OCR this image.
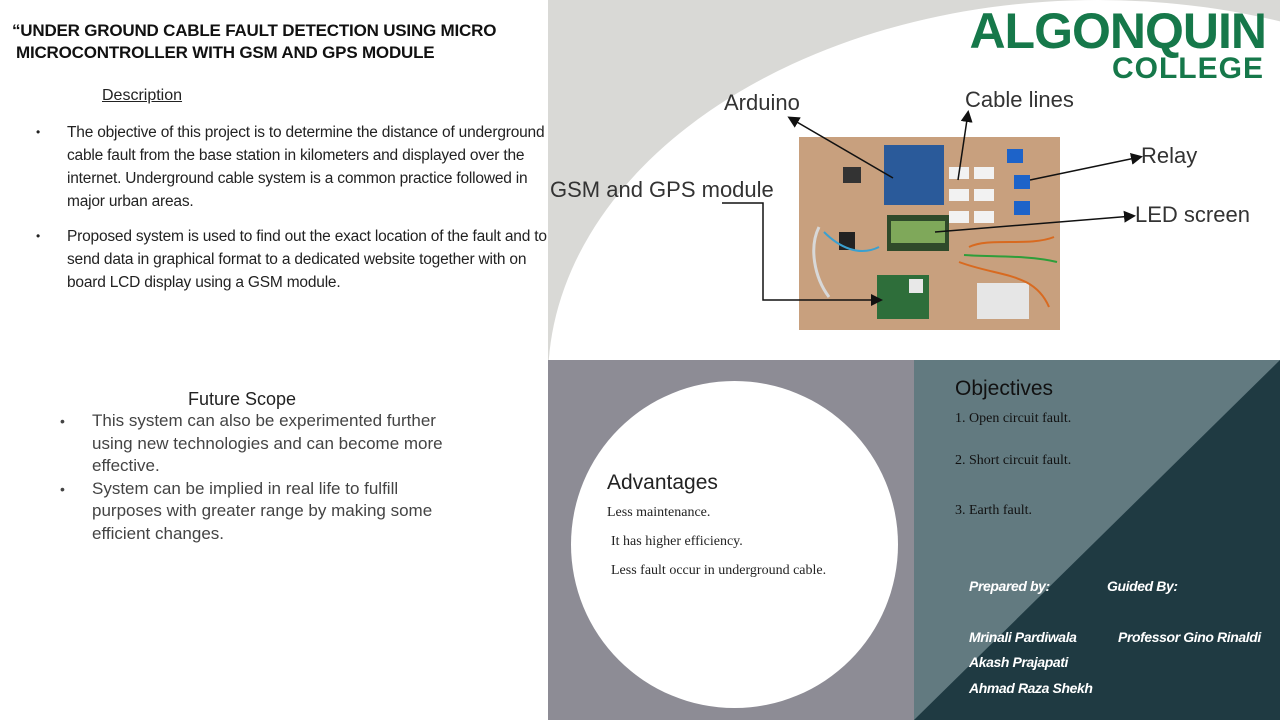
“UNDER GROUND CABLE FAULT DETECTION USING MICRO
MICROCONTROLLER WITH GSM AND GPS MODULE
Description
• The objective of this project is to determine the distance of underground cable fault from the base station in kilometers and displayed over the internet. Underground cable system is a common practice followed in major urban areas.
• Proposed system is used to find out the exact location of the fault and to send data in graphical format to a dedicated website together with on board LCD display using a GSM module.
Future Scope
• This system can also be experimented further using new technologies and can become more effective.
• System can be implied in real life to fulfill purposes with greater range by making some efficient changes.
ALGONQUIN
COLLEGE
Arduino	Cable lines
Relay
GSM and GPS module
LED screen
Advantages
Less maintenance.
It has higher efficiency.
Less fault occur in underground cable.
Objectives
1. Open circuit fault.
2. Short circuit fault.
3. Earth fault.
Prepared by:	Guided By:
Mrinali Pardiwala	Professor Gino Rinaldi
Akash Prajapati
Ahmad Raza Shekh
